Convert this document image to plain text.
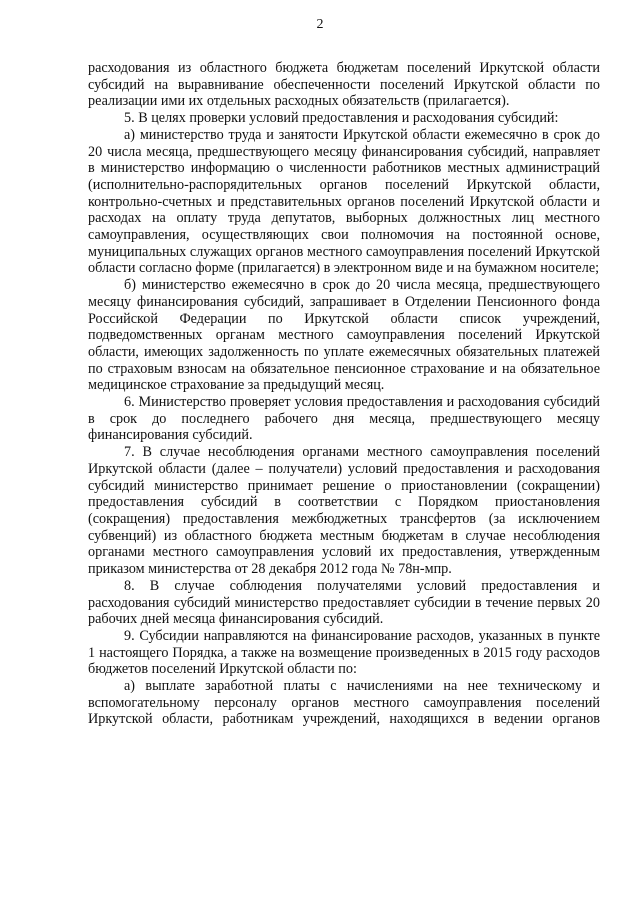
2

расходования из областного бюджета бюджетам поселений Иркутской области субсидий на выравнивание обеспеченности поселений Иркутской области по реализации ими их отдельных расходных обязательств (прилагается).

5. В целях проверки условий предоставления и расходования субсидий:

а) министерство труда и занятости Иркутской области ежемесячно в срок до 20 числа месяца, предшествующего месяцу финансирования субсидий, направляет в министерство информацию о численности работников местных администраций (исполнительно-распорядительных органов поселений Иркутской области, контрольно-счетных и представительных органов поселений Иркутской области и расходах на оплату труда депутатов, выборных должностных лиц местного самоуправления, осуществляющих свои полномочия на постоянной основе, муниципальных служащих органов местного самоуправления поселений Иркутской области согласно форме (прилагается) в электронном виде и на бумажном носителе;

б) министерство ежемесячно в срок до 20 числа месяца, предшествующего месяцу финансирования субсидий, запрашивает в Отделении Пенсионного фонда Российской Федерации по Иркутской области список учреждений, подведомственных органам местного самоуправления поселений Иркутской области, имеющих задолженность по уплате ежемесячных обязательных платежей по страховым взносам на обязательное пенсионное страхование и на обязательное медицинское страхование за предыдущий месяц.

6. Министерство проверяет условия предоставления и расходования субсидий в срок до последнего рабочего дня месяца, предшествующего месяцу финансирования субсидий.

7. В случае несоблюдения органами местного самоуправления поселений Иркутской области (далее – получатели) условий предоставления и расходования субсидий министерство принимает решение о приостановлении (сокращении) предоставления субсидий в соответствии с Порядком приостановления (сокращения) предоставления межбюджетных трансфертов (за исключением субвенций) из областного бюджета местным бюджетам в случае несоблюдения органами местного самоуправления условий их предоставления, утвержденным приказом министерства от 28 декабря 2012 года № 78н-мпр.

8. В случае соблюдения получателями условий предоставления и расходования субсидий министерство предоставляет субсидии в течение первых 20 рабочих дней месяца финансирования субсидий.

9. Субсидии направляются на финансирование расходов, указанных в пункте 1 настоящего Порядка, а также на возмещение произведенных в 2015 году расходов бюджетов поселений Иркутской области по:

а) выплате заработной платы с начислениями на нее техническому и вспомогательному персоналу органов местного самоуправления поселений Иркутской области, работникам учреждений, находящихся в ведении органов
